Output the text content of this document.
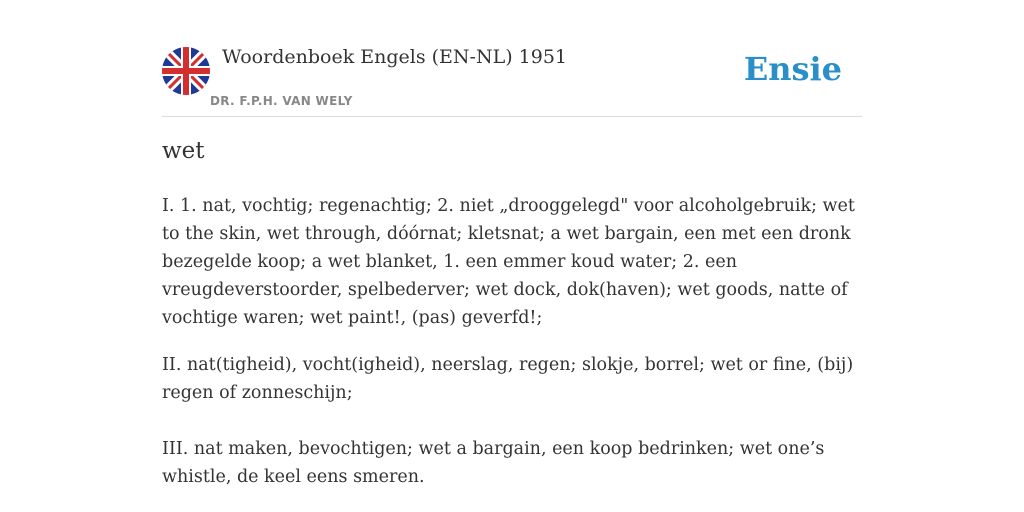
Woordenboek Engels (EN-NL) 1951
DR. F.P.H. VAN WELY
Ensie
wet

I. 1. nat, vochtig; regenachtig; 2. niet „drooggelegd" voor alcoholgebruik; wet to the skin, wet through, dóórnat; kletsnat; a wet bargain, een met een dronk bezegelde koop; a wet blanket, 1. een emmer koud water; 2. een vreugdeverstoorder, spelbederver; wet dock, dok(haven); wet goods, natte of vochtige waren; wet paint!, (pas) geverfd!;

II. nat(tigheid), vocht(igheid), neerslag, regen; slokje, borrel; wet or fine, (bij) regen of zonneschijn;

III. nat maken, bevochtigen; wet a bargain, een koop bedrinken; wet one’s whistle, de keel eens smeren.
